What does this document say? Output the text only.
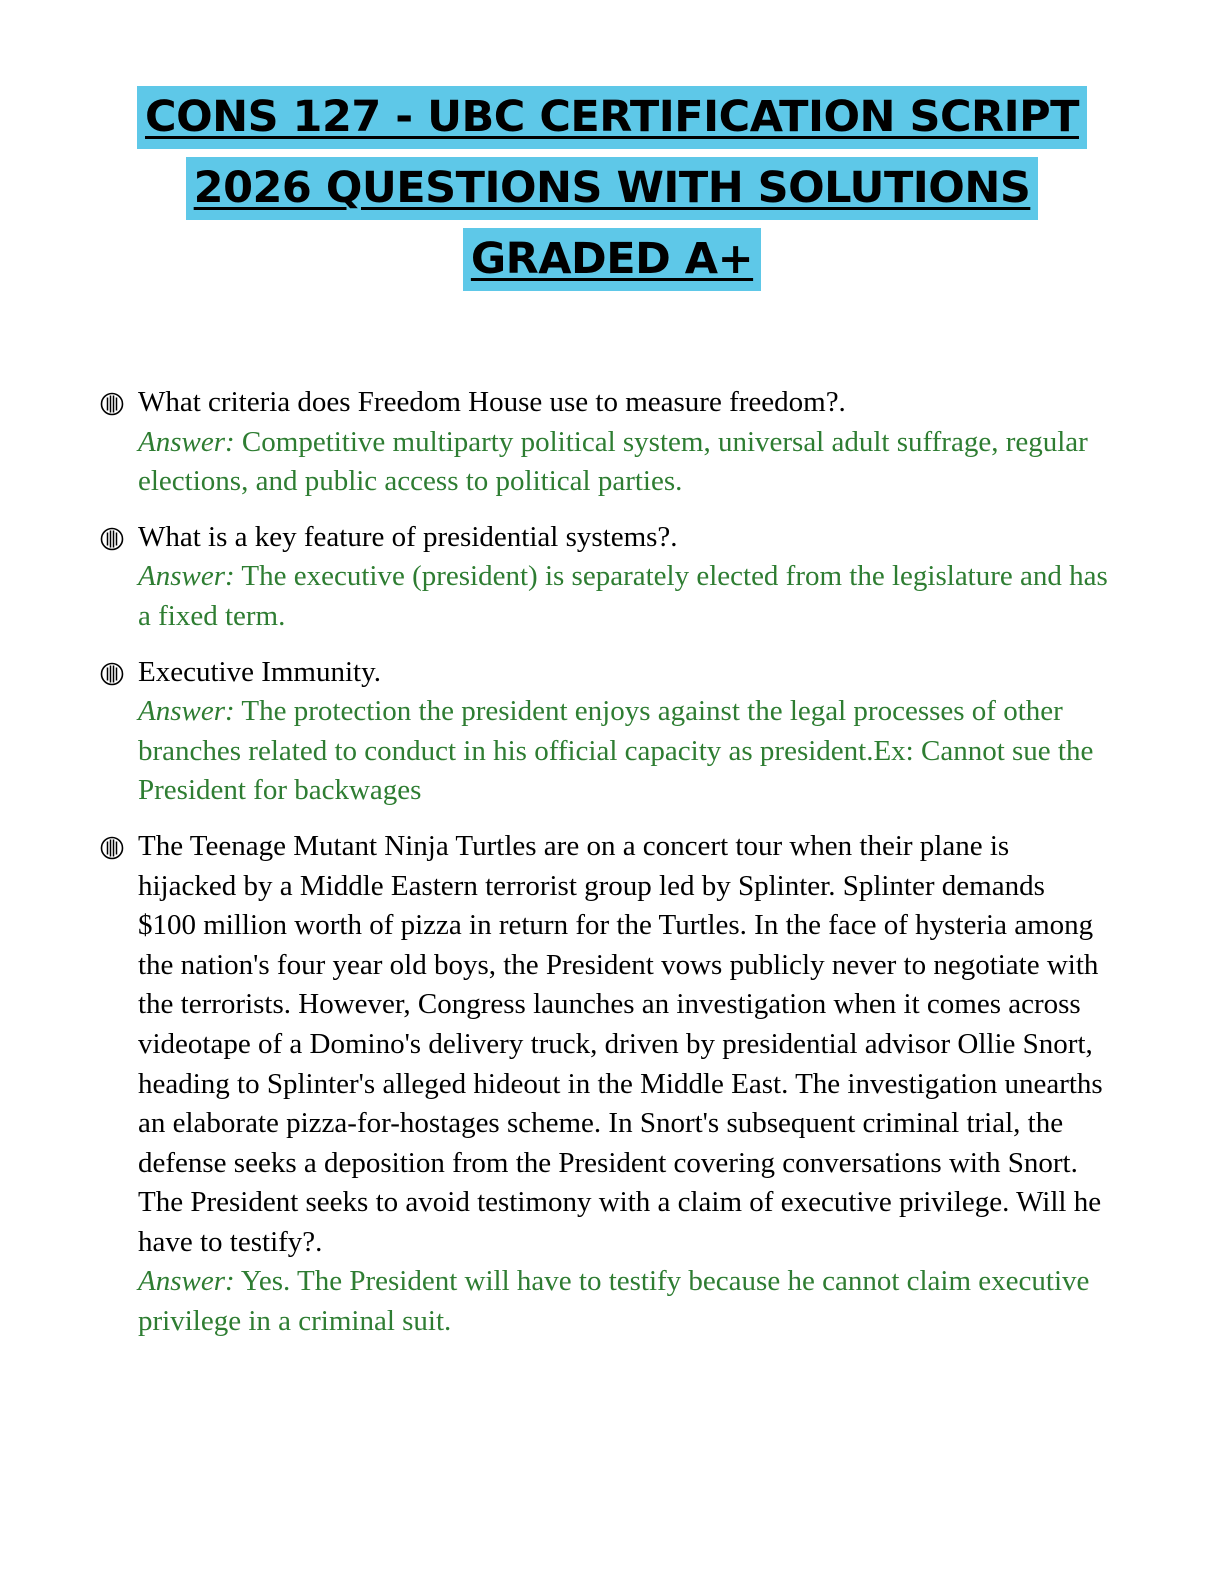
CONS 127 - UBC CERTIFICATION SCRIPT
2026 QUESTIONS WITH SOLUTIONS
GRADED A+
What criteria does Freedom House use to measure freedom?.
Answer: Competitive multiparty political system, universal adult suffrage, regular elections, and public access to political parties.
What is a key feature of presidential systems?.
Answer: The executive (president) is separately elected from the legislature and has a fixed term.
Executive Immunity.
Answer: The protection the president enjoys against the legal processes of other branches related to conduct in his official capacity as president.Ex: Cannot sue the President for backwages
The Teenage Mutant Ninja Turtles are on a concert tour when their plane is hijacked by a Middle Eastern terrorist group led by Splinter. Splinter demands $100 million worth of pizza in return for the Turtles. In the face of hysteria among the nation's four year old boys, the President vows publicly never to negotiate with the terrorists. However, Congress launches an investigation when it comes across videotape of a Domino's delivery truck, driven by presidential advisor Ollie Snort, heading to Splinter's alleged hideout in the Middle East. The investigation unearths an elaborate pizza-for-hostages scheme. In Snort's subsequent criminal trial, the defense seeks a deposition from the President covering conversations with Snort. The President seeks to avoid testimony with a claim of executive privilege. Will he have to testify?.
Answer: Yes. The President will have to testify because he cannot claim executive privilege in a criminal suit.
